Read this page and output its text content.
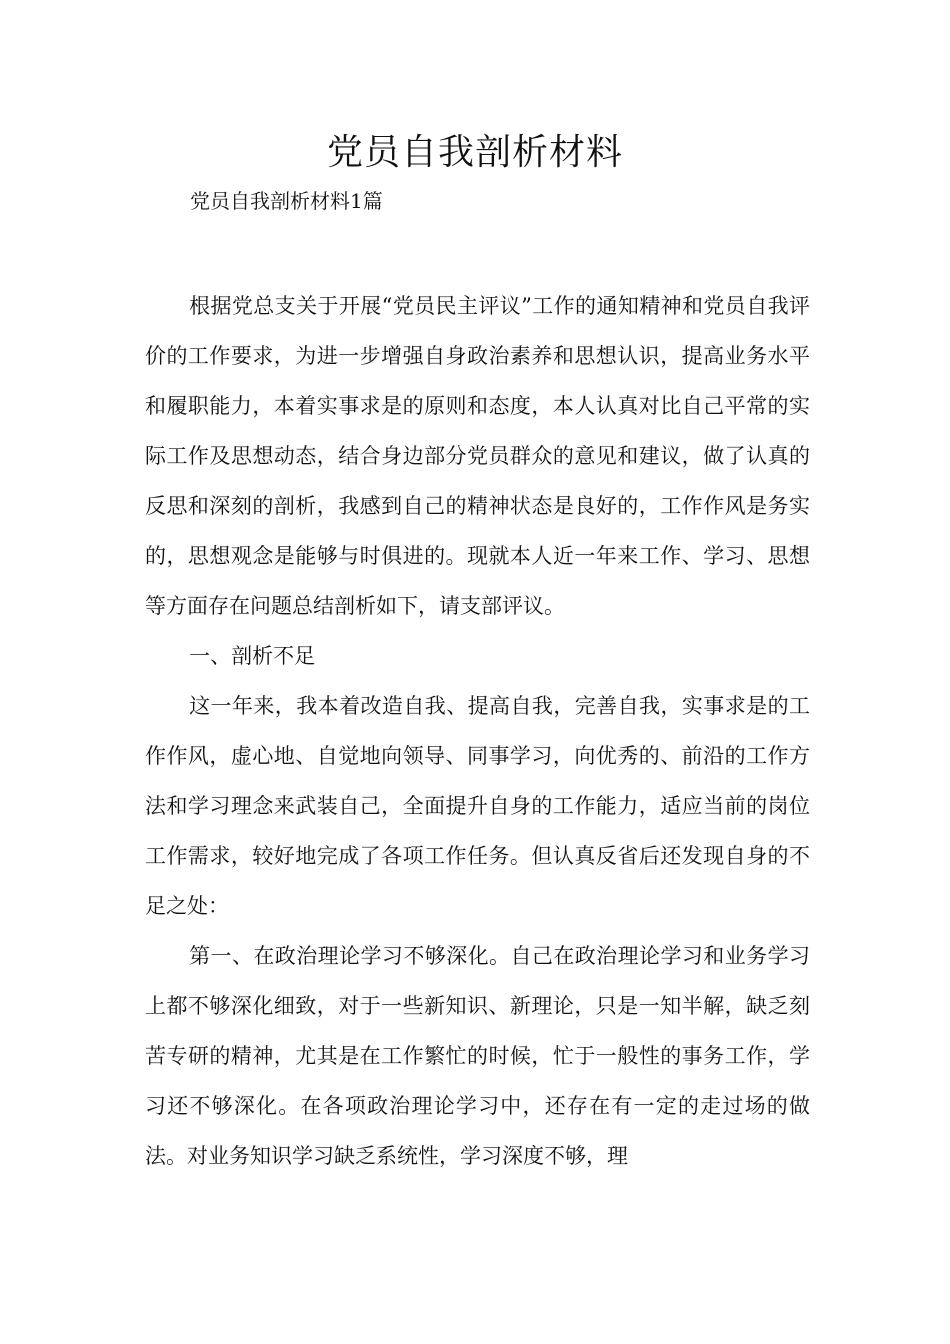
党员自我剖析材料
党员自我剖析材料1篇

根据党总支关于开展“党员民主评议”工作的通知精神和党员自我评价的工作要求，为进一步增强自身政治素养和思想认识，提高业务水平和履职能力，本着实事求是的原则和态度，本人认真对比自己平常的实际工作及思想动态，结合身边部分党员群众的意见和建议，做了认真的反思和深刻的剖析，我感到自己的精神状态是良好的，工作作风是务实的，思想观念是能够与时俱进的。现就本人近一年来工作、学习、思想等方面存在问题总结剖析如下，请支部评议。

一、剖析不足

这一年来，我本着改造自我、提高自我，完善自我，实事求是的工作作风，虚心地、自觉地向领导、同事学习，向优秀的、前沿的工作方法和学习理念来武装自己，全面提升自身的工作能力，适应当前的岗位工作需求，较好地完成了各项工作任务。但认真反省后还发现自身的不足之处：

第一、在政治理论学习不够深化。自己在政治理论学习和业务学习上都不够深化细致，对于一些新知识、新理论，只是一知半解，缺乏刻苦专研的精神，尤其是在工作繁忙的时候，忙于一般性的事务工作，学习还不够深化。在各项政治理论学习中，还存在有一定的走过场的做法。对业务知识学习缺乏系统性，学习深度不够，理
